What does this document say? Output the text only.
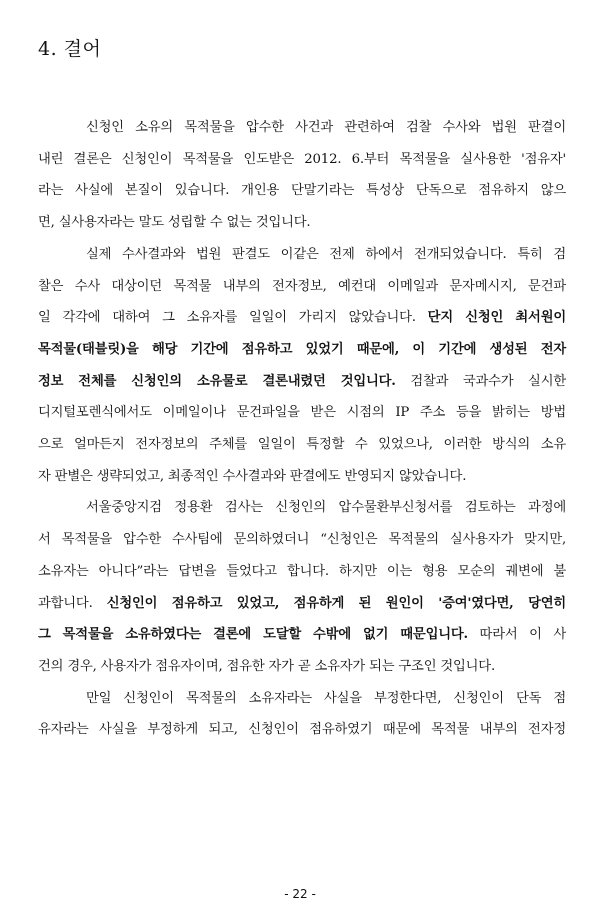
4. 결어

신청인 소유의 목적물을 압수한 사건과 관련하여 검찰 수사와 법원 판결이
내린 결론은 신청인이 목적물을 인도받은 2012. 6.부터 목적물을 실사용한 '점유자'
라는 사실에 본질이 있습니다. 개인용 단말기라는 특성상 단독으로 점유하지 않으
면, 실사용자라는 말도 성립할 수 없는 것입니다.

실제 수사결과와 법원 판결도 이같은 전제 하에서 전개되었습니다. 특히 검
찰은 수사 대상이던 목적물 내부의 전자정보, 예컨대 이메일과 문자메시지, 문건파
일 각각에 대하여 그 소유자를 일일이 가리지 않았습니다. 단지 신청인 최서원이
목적물(태블릿)을 해당 기간에 점유하고 있었기 때문에, 이 기간에 생성된 전자
정보 전체를 신청인의 소유물로 결론내렸던 것입니다. 검찰과 국과수가 실시한
디지털포렌식에서도 이메일이나 문건파일을 받은 시점의 IP 주소 등을 밝히는 방법
으로 얼마든지 전자정보의 주체를 일일이 특정할 수 있었으나, 이러한 방식의 소유
자 판별은 생략되었고, 최종적인 수사결과와 판결에도 반영되지 않았습니다.

서울중앙지검 정용환 검사는 신청인의 압수물환부신청서를 검토하는 과정에
서 목적물을 압수한 수사팀에 문의하였더니 “신청인은 목적물의 실사용자가 맞지만,
소유자는 아니다”라는 답변을 들었다고 합니다. 하지만 이는 형용 모순의 궤변에 불
과합니다. 신청인이 점유하고 있었고, 점유하게 된 원인이 '증여'였다면, 당연히
그 목적물을 소유하였다는 결론에 도달할 수밖에 없기 때문입니다. 따라서 이 사
건의 경우, 사용자가 점유자이며, 점유한 자가 곧 소유자가 되는 구조인 것입니다.

만일 신청인이 목적물의 소유자라는 사실을 부정한다면, 신청인이 단독 점
유자라는 사실을 부정하게 되고, 신청인이 점유하였기 때문에 목적물 내부의 전자정

- 22 -
